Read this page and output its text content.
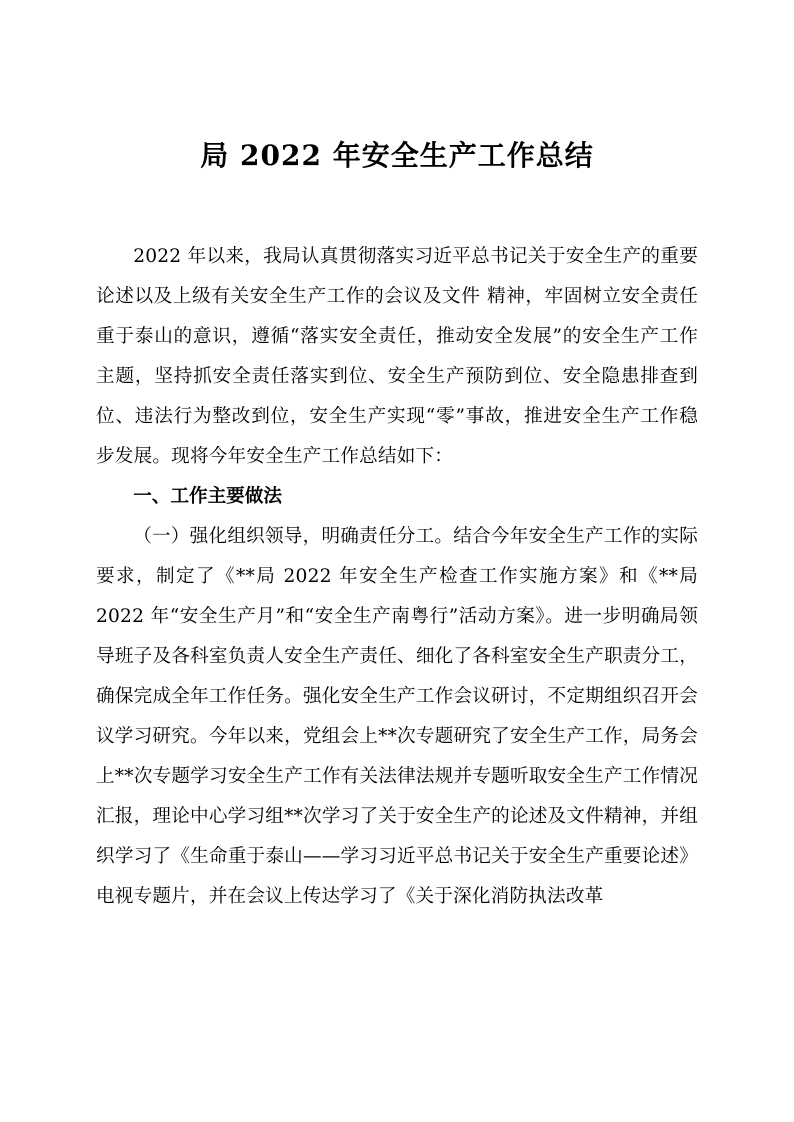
局 2022 年安全生产工作总结

2022 年以来，我局认真贯彻落实习近平总书记关于安全生产的重要论述以及上级有关安全生产工作的会议及文件 精神，牢固树立安全责任重于泰山的意识，遵循“落实安全责任，推动安全发展”的安全生产工作主题，坚持抓安全责任落实到位、安全生产预防到位、安全隐患排查到位、违法行为整改到位，安全生产实现“零”事故，推进安全生产工作稳步发展。现将今年安全生产工作总结如下：

一、工作主要做法

（一）强化组织领导，明确责任分工。结合今年安全生产工作的实际要求，制定了《**局 2022 年安全生产检查工作实施方案》和《**局 2022 年“安全生产月”和“安全生产南粤行”活动方案》。进一步明确局领导班子及各科室负责人安全生产责任、细化了各科室安全生产职责分工，确保完成全年工作任务。强化安全生产工作会议研讨，不定期组织召开会议学习研究。今年以来，党组会上**次专题研究了安全生产工作，局务会上**次专题学习安全生产工作有关法律法规并专题听取安全生产工作情况汇报，理论中心学习组**次学习了关于安全生产的论述及文件精神，并组织学习了《生命重于泰山——学习习近平总书记关于安全生产重要论述》电视专题片，并在会议上传达学习了《关于深化消防执法改革
